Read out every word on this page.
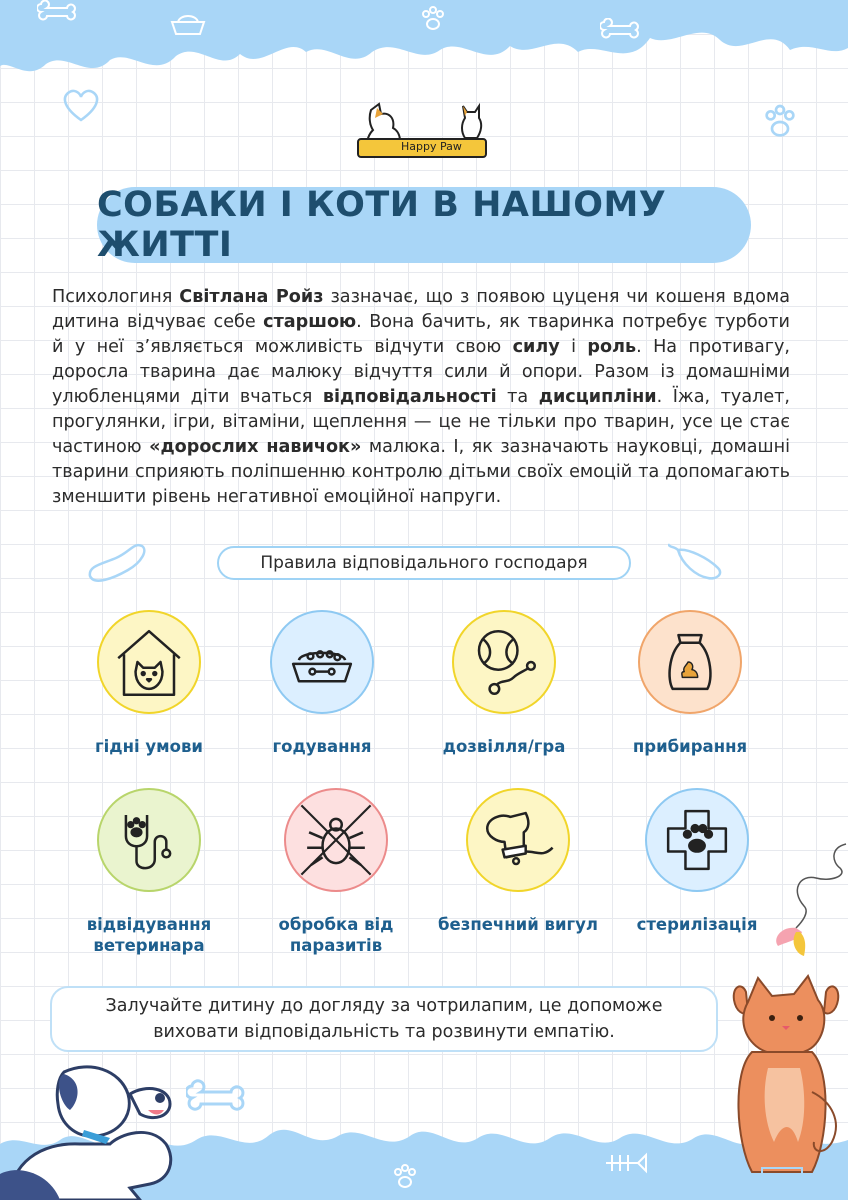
Happy Paw
СОБАКИ І КОТИ В НАШОМУ ЖИТТІ
Психологиня Світлана Ройз зазначає, що з появою цуценя чи кошеня вдома дитина відчуває себе старшою. Вона бачить, як тваринка потребує турботи й у неї з’являється можливість відчути свою силу і роль. На противагу, доросла тварина дає малюку відчуття сили й опори. Разом із домашніми улюбленцями діти вчаться відповідальності та дисципліни. Їжа, туалет, прогулянки, ігри, вітаміни, щеплення — це не тільки про тварин, усе це стає частиною «дорослих навичок» малюка. І, як зазначають науковці, домашні тварини сприяють поліпшенню контролю дітьми своїх емоцій та допомагають зменшити рівень негативної емоційної напруги.
Правила відповідального господаря
гідні умови	годування	дозвілля/гра	прибирання
відвідування ветеринара
обробка від паразитів
безпечний вигул	стерилізація
Залучайте дитину до догляду за чотрилапим, це допоможе виховати відповідальність та розвинути емпатію.
